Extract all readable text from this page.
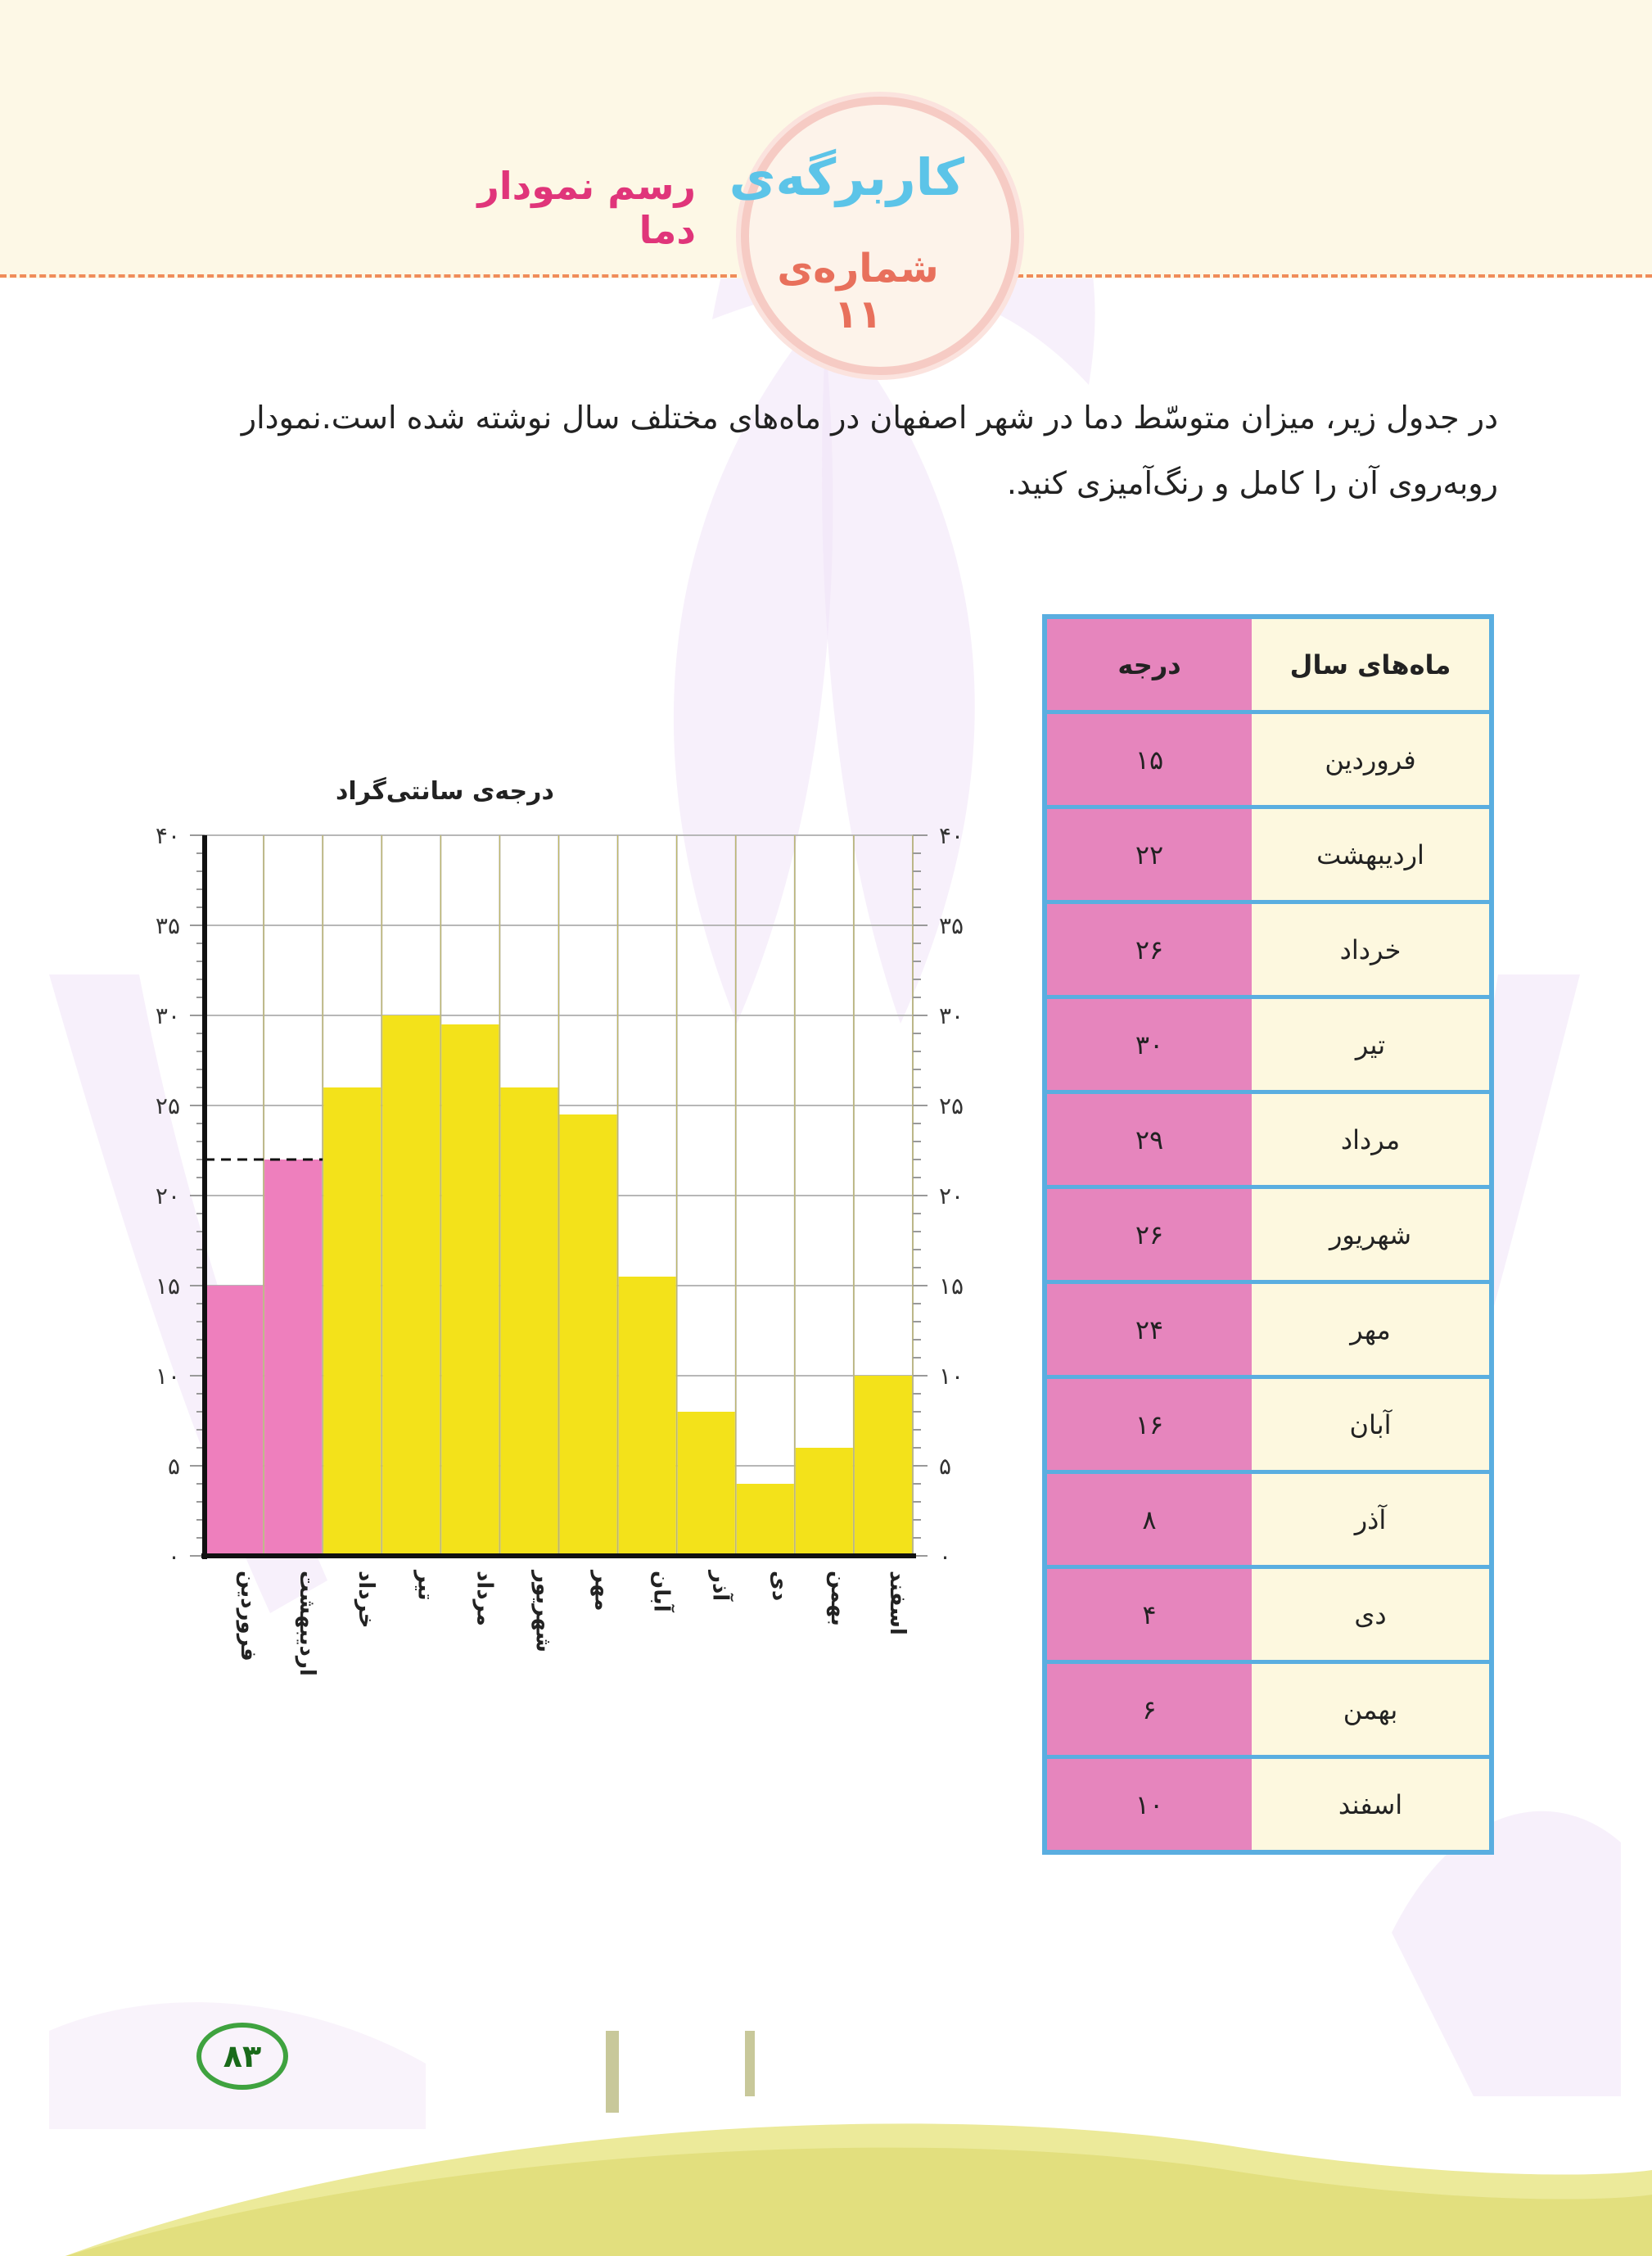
کاربرگه‌ی
شماره‌ی ۱۱
رسم نمودار دما
در جدول زیر، میزان متوسّط دما در شهر اصفهان در ماه‌های مختلف سال نوشته شده است.نمودار
روبه‌روی آن را کامل و رنگ‌آمیزی کنید.
درجه‌ی سانتی‌گراد
۰	۰
۵	۵
۱۰	۱۰
۱۵	۱۵
۲۰	۲۰
۲۵	۲۵
۳۰	۳۰
۳۵	۳۵
۴۰	۴۰
فروردین اردیبهشت خرداد تیر مرداد شهریور مهر آبان آذر دی بهمن اسفند
ماه‌های سال	درجه
فروردین	۱۵
اردیبهشت	۲۲
خرداد	۲۶
تیر	۳۰
مرداد	۲۹
شهریور	۲۶
مهر	۲۴
آبان	۱۶
آذر	۸
دی	۴
بهمن	۶
اسفند	۱۰
۸۳
